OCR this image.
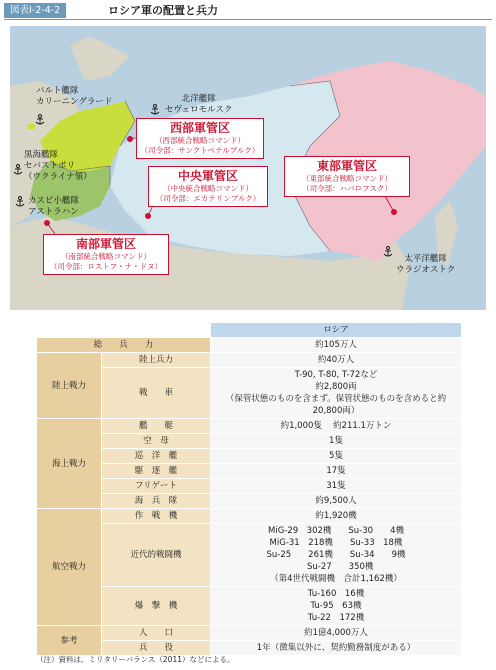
図表Ⅰ-2-4-2	ロシア軍の配置と兵力
バルト艦隊
カリーニングラード	北洋艦隊
セヴェロモルスク
黒海艦隊
セバストポリ
（ウクライナ領）
カスピ小艦隊
アストラハン
太平洋艦隊
ウラジオストク
西部軍管区
（西部統合戦略コマンド）
（司令部：サンクトペテルブルク）
中央軍管区
（中央統合戦略コマンド）
（司令部：エカテリンブルク）
東部軍管区
（東部統合戦略コマンド）
（司令部：ハバロフスク）
南部軍管区
（南部統合戦略コマンド）
（司令部：ロストフ・ナ・ドヌ）
		ロシア
総　　兵　　力		約105万人
陸上戦力	陸上兵力	約40万人
	戦　　車	T-90, T-80, T-72など
約2,800両
（保管状態のものを含まず。保管状態のものを含めると約20,800両）

海上戦力	艦　　艇	約1,000隻　 約211.1万トン
	空　母	1隻
	巡　洋　艦	5隻
	駆　逐　艦	17隻
	フリゲート	31隻
	海　兵　隊	約9,500人
航空戦力	作　戦　機	約1,920機
	近代的戦闘機	MiG-29　302機　　 Su-30　　4機
MiG-31　218機　　 Su-33　18機
Su-25　　261機　　 Su-34　　9機
Su-27　　350機
（第4世代戦闘機　合計1,162機）

	爆　撃　機	Tu-160　16機
Tu-95　63機
Tu-22　172機

参考	人　　口	約1億4,000万人
	兵　　役	1年（徴集以外に、契約勤務制度がある）
（注）資料は、ミリタリーバランス（2011）などによる。
